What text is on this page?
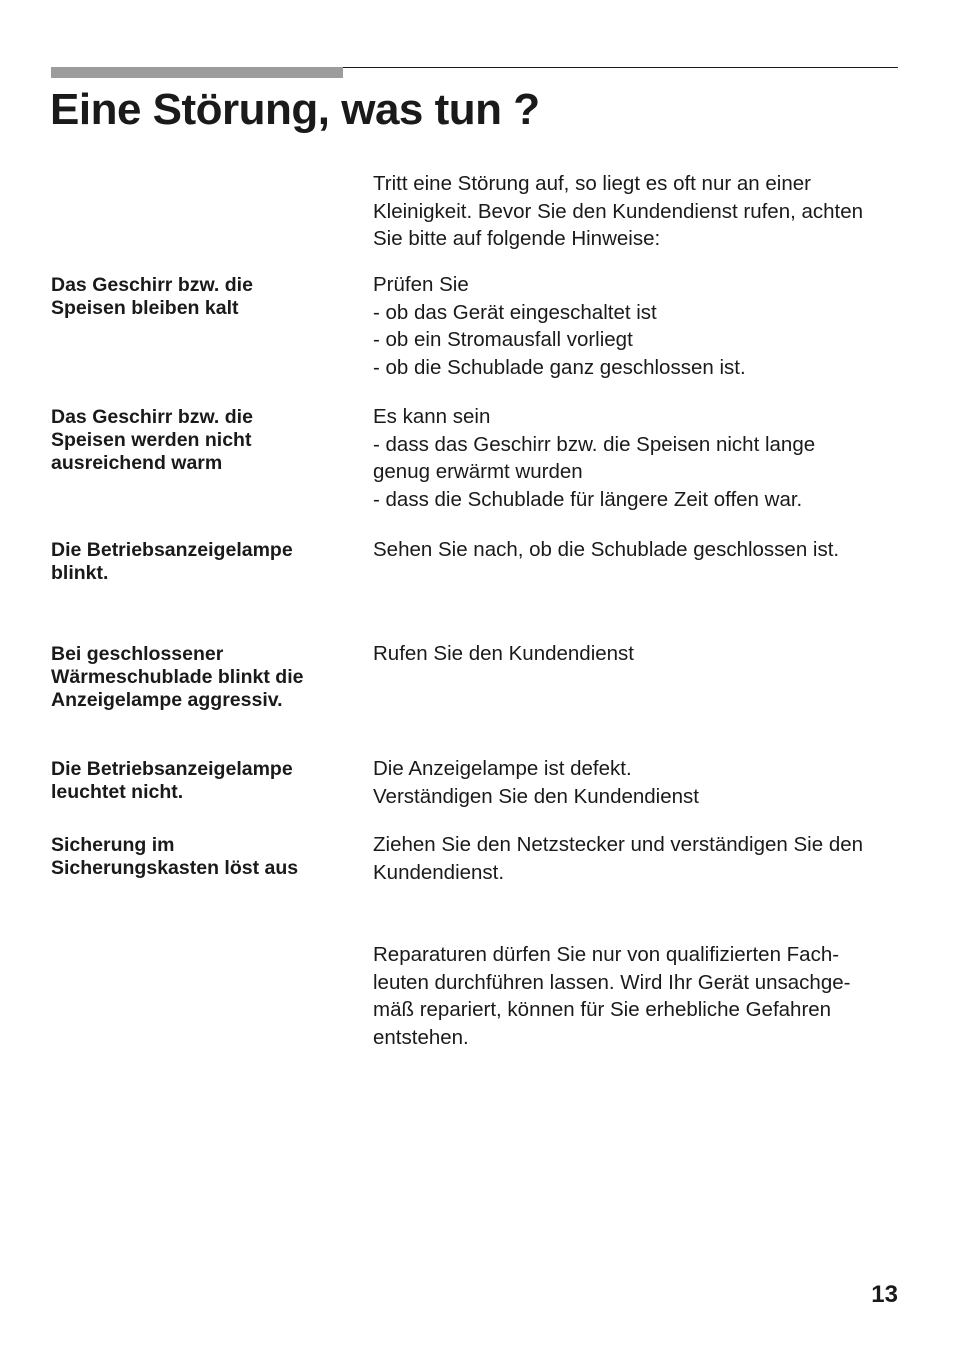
Eine Störung, was tun ?
Tritt eine Störung auf, so liegt es oft nur an einer
Kleinigkeit. Bevor Sie den Kundendienst rufen, achten
Sie bitte auf folgende Hinweise:
Das Geschirr bzw. die
Speisen bleiben kalt
Prüfen Sie
- ob das Gerät eingeschaltet ist
- ob ein Stromausfall vorliegt
- ob die Schublade ganz geschlossen ist.
Das Geschirr bzw. die
Speisen werden nicht
ausreichend warm
Es kann sein
- dass das Geschirr bzw. die Speisen nicht lange
genug erwärmt wurden
- dass die Schublade für längere Zeit offen war.
Die Betriebsanzeigelampe
blinkt.
Sehen Sie nach, ob die Schublade geschlossen ist.
Bei geschlossener
Wärmeschublade blinkt die
Anzeigelampe aggressiv.
Rufen Sie den Kundendienst
Die Betriebsanzeigelampe
leuchtet nicht.
Die Anzeigelampe ist defekt.
Verständigen Sie den Kundendienst
Sicherung im
Sicherungskasten löst aus
Ziehen Sie den Netzstecker und verständigen Sie den
Kundendienst.
Reparaturen dürfen Sie nur von qualifizierten Fach-
leuten durchführen lassen. Wird Ihr Gerät unsachge-
mäß repariert, können für Sie erhebliche Gefahren
entstehen.
13
